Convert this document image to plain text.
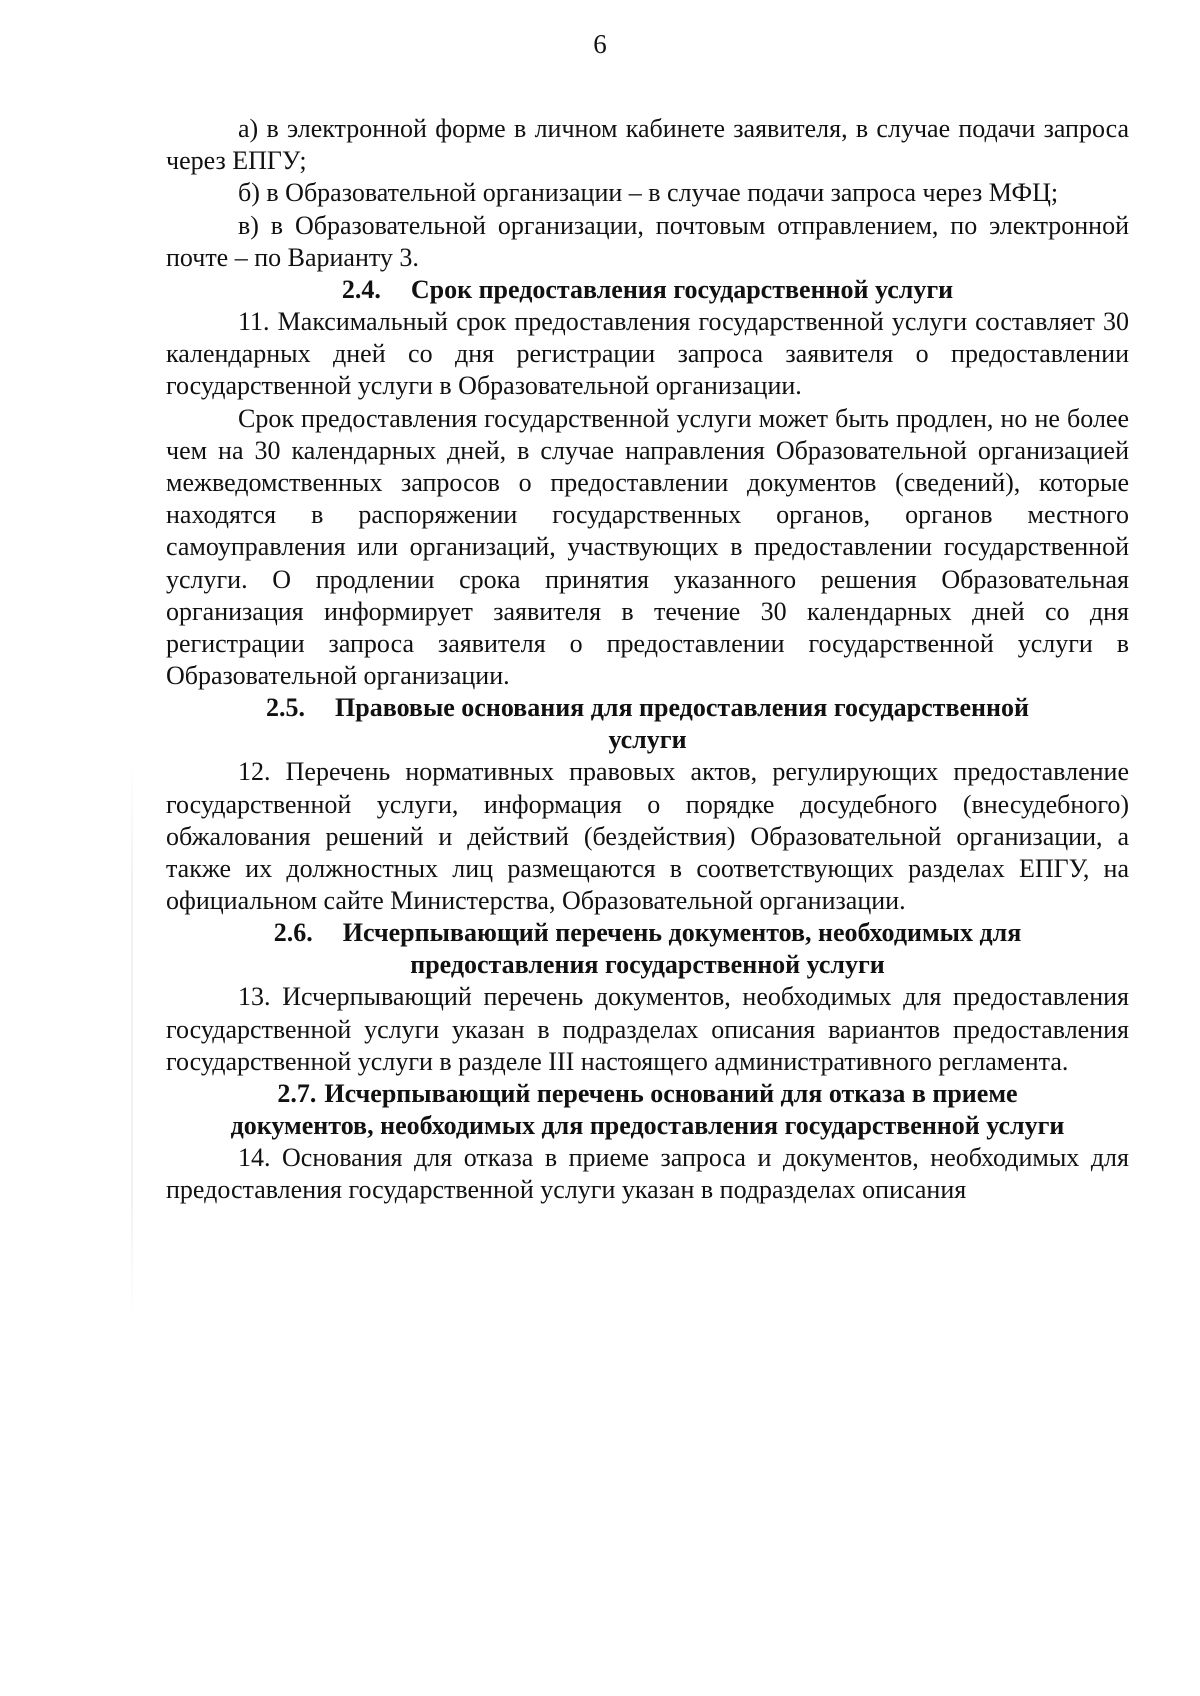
6

а) в электронной форме в личном кабинете заявителя, в случае подачи запроса через ЕПГУ;

б) в Образовательной организации – в случае подачи запроса через МФЦ;

в) в Образовательной организации, почтовым отправлением, по электронной почте – по Варианту 3.

2.4. Срок предоставления государственной услуги

11. Максимальный срок предоставления государственной услуги составляет 30 календарных дней со дня регистрации запроса заявителя о предоставлении государственной услуги в Образовательной организации.

Срок предоставления государственной услуги может быть продлен, но не более чем на 30 календарных дней, в случае направления Образовательной организацией межведомственных запросов о предоставлении документов (сведений), которые находятся в распоряжении государственных органов, органов местного самоуправления или организаций, участвующих в предоставлении государственной услуги. О продлении срока принятия указанного решения Образовательная организация информирует заявителя в течение 30 календарных дней со дня регистрации запроса заявителя о предоставлении государственной услуги в Образовательной организации.

2.5. Правовые основания для предоставления государственной
услуги

12. Перечень нормативных правовых актов, регулирующих предоставление государственной услуги, информация о порядке досудебного (внесудебного) обжалования решений и действий (бездействия) Образовательной организации, а также их должностных лиц размещаются в соответствующих разделах ЕПГУ, на официальном сайте Министерства, Образовательной организации.

2.6. Исчерпывающий перечень документов, необходимых для
предоставления государственной услуги

13. Исчерпывающий перечень документов, необходимых для предоставления государственной услуги указан в подразделах описания вариантов предоставления государственной услуги в разделе III настоящего административного регламента.

2.7. Исчерпывающий перечень оснований для отказа в приеме
документов, необходимых для предоставления государственной услуги

14. Основания для отказа в приеме запроса и документов, необходимых для предоставления государственной услуги указан в подразделах описания
